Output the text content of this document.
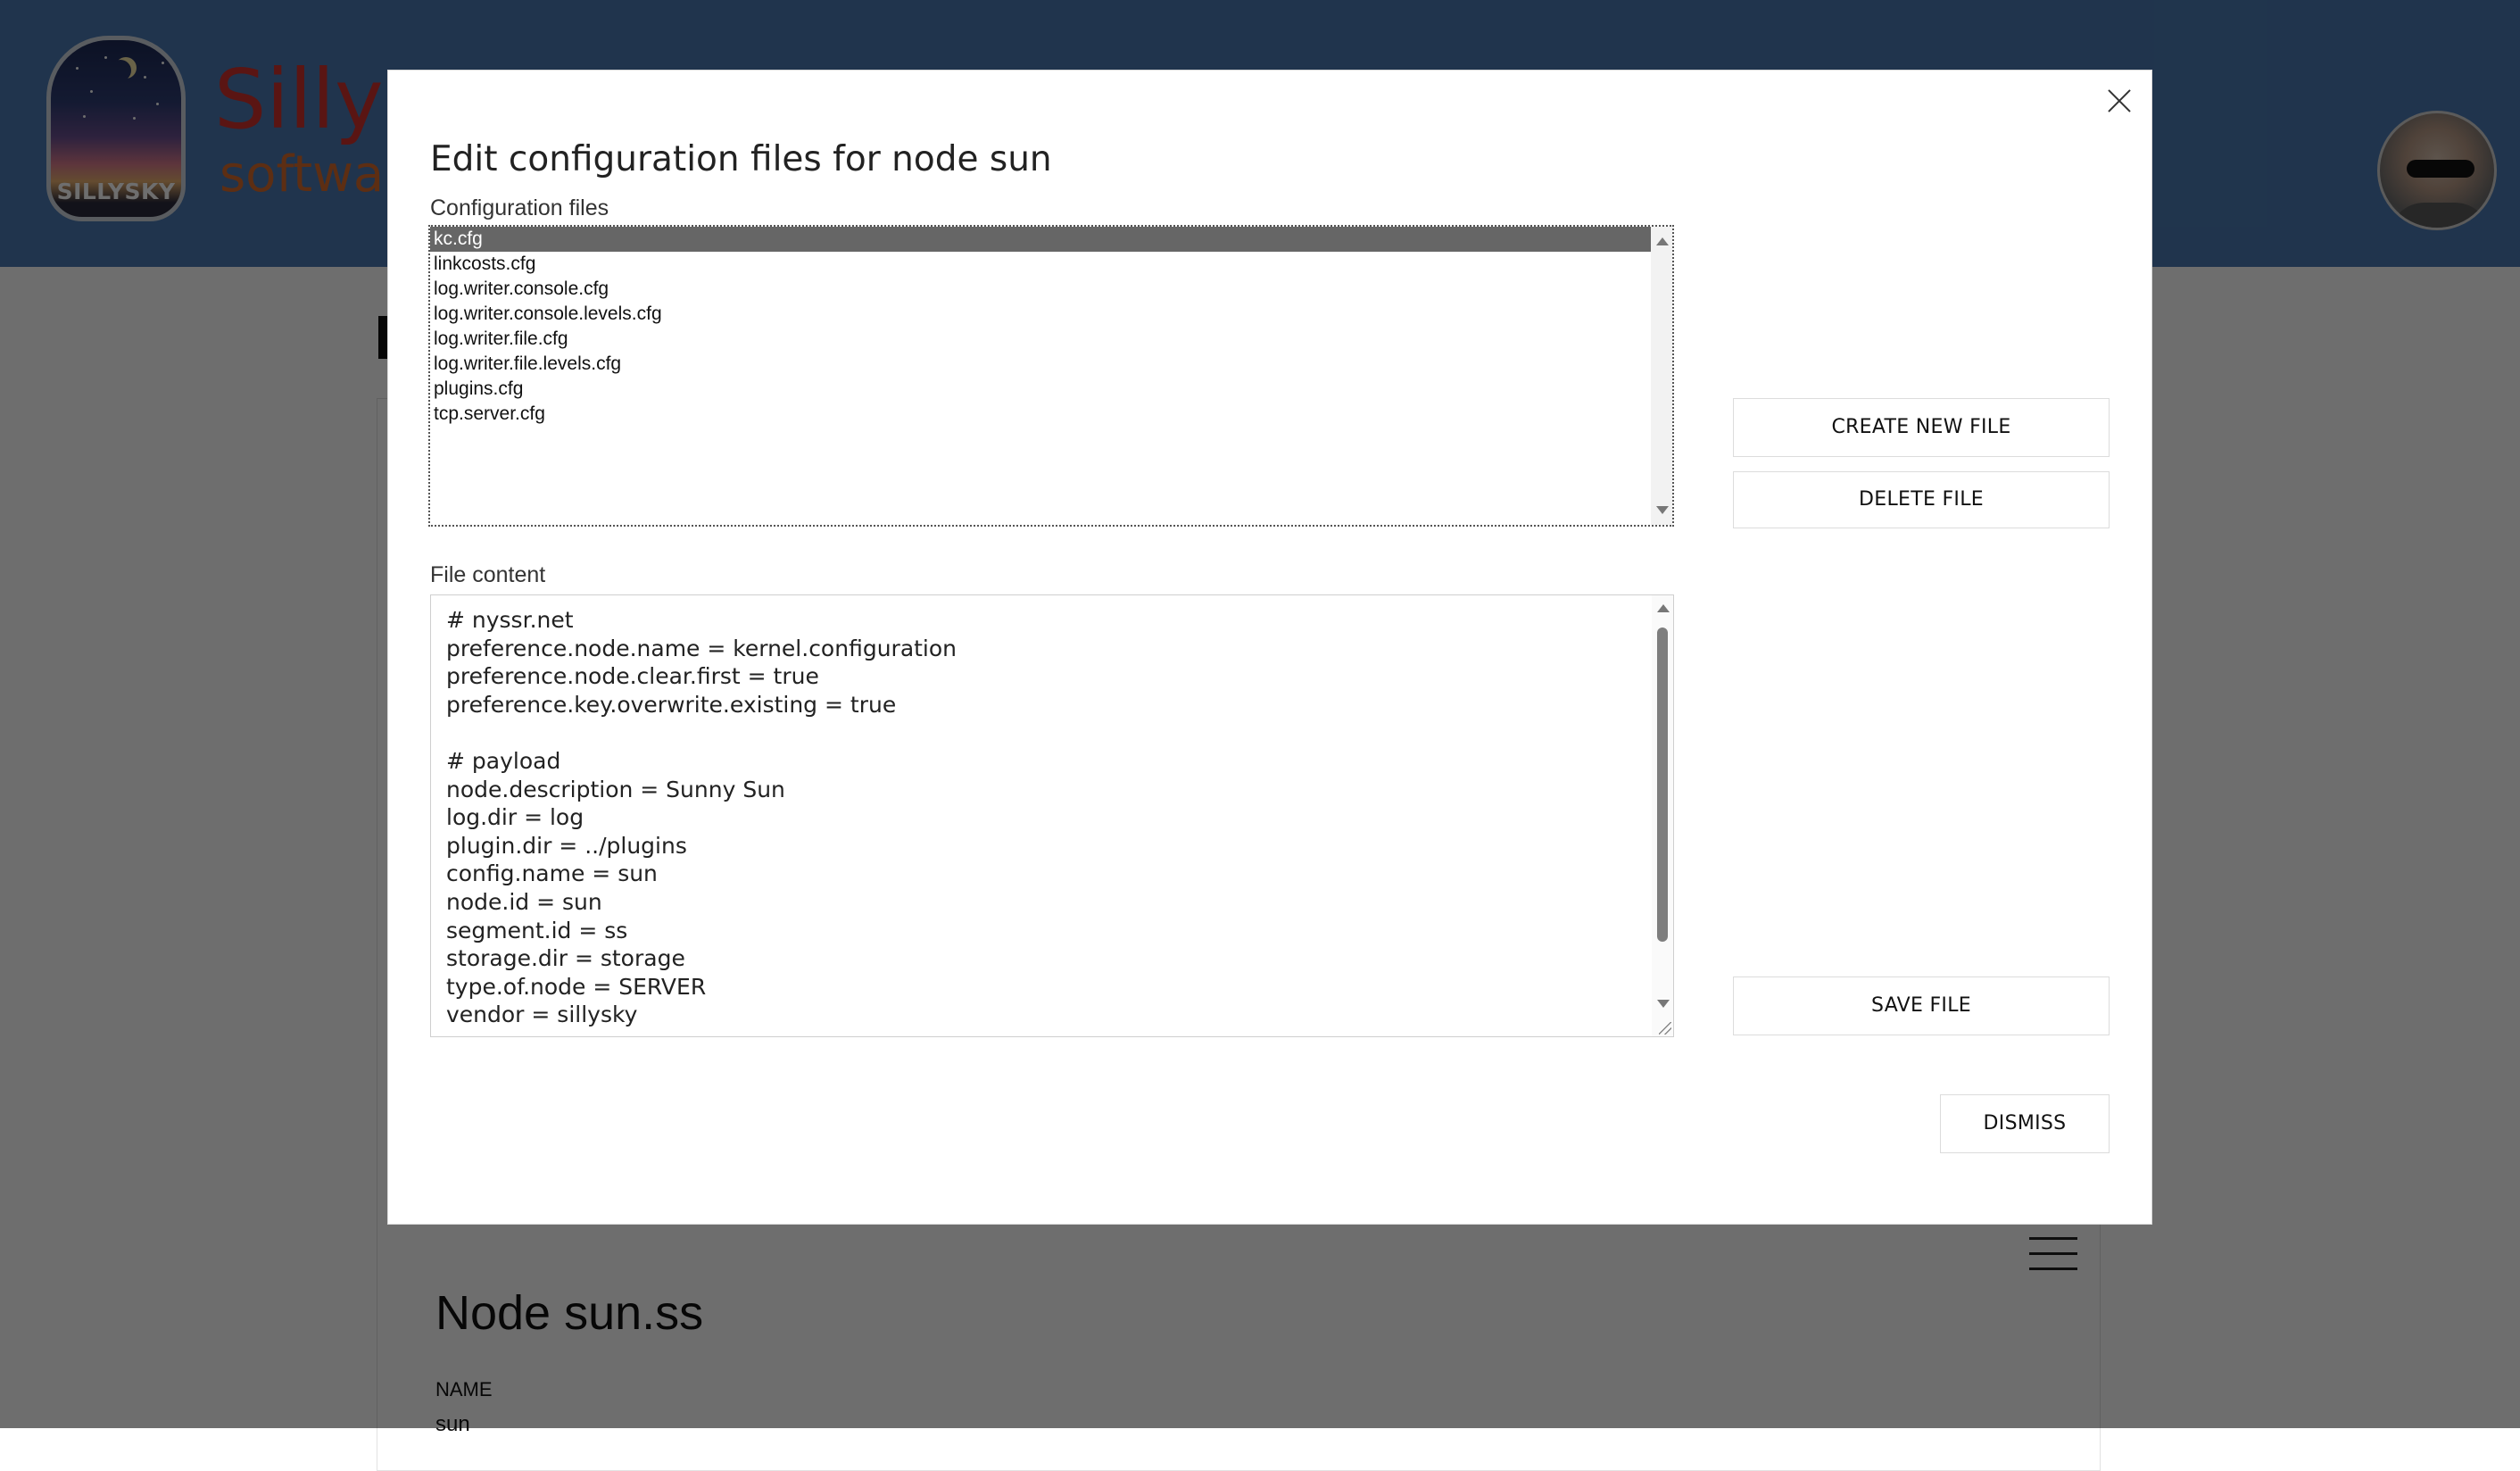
Edit configuration files for node sun
Configuration files
kc.cfg
linkcosts.cfg
log.writer.console.cfg
log.writer.console.levels.cfg
log.writer.file.cfg
log.writer.file.levels.cfg
plugins.cfg
tcp.server.cfg
File content
# nyssr.net
preference.node.name = kernel.configuration
preference.node.clear.first = true
preference.key.overwrite.existing = true
# payload
node.description = Sunny Sun
log.dir = log
plugin.dir = ../plugins
config.name = sun
node.id = sun
segment.id = ss
storage.dir = storage
type.of.node = SERVER
vendor = sillysky
CREATE NEW FILE
DELETE FILE
SAVE FILE
DISMISS
